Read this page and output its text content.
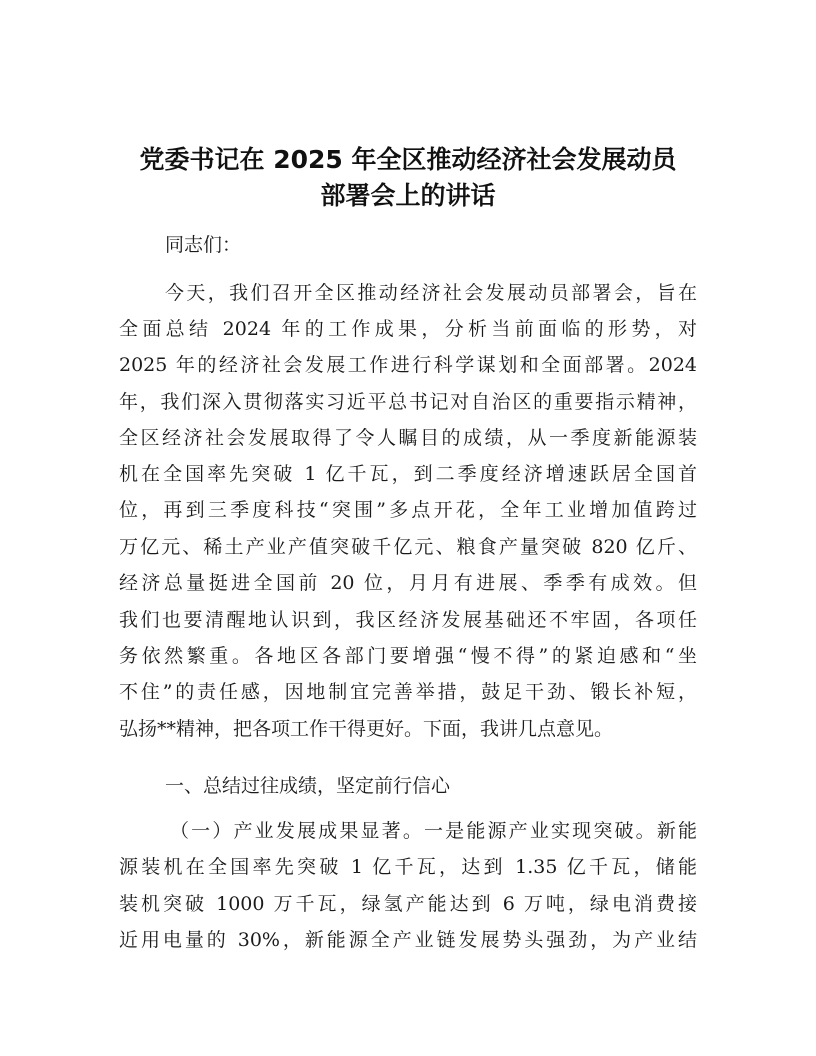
党委书记在 2025 年全区推动经济社会发展动员
部署会上的讲话

同志们：

今天，我们召开全区推动经济社会发展动员部署会，旨在

全面总结 2024 年的工作成果，分析当前面临的形势，对

2025 年的经济社会发展工作进行科学谋划和全面部署。2024

年，我们深入贯彻落实习近平总书记对自治区的重要指示精神，

全区经济社会发展取得了令人瞩目的成绩，从一季度新能源装

机在全国率先突破 1 亿千瓦，到二季度经济增速跃居全国首

位，再到三季度科技“突围”多点开花，全年工业增加值跨过

万亿元、稀土产业产值突破千亿元、粮食产量突破 820 亿斤、

经济总量挺进全国前 20 位，月月有进展、季季有成效。但

我们也要清醒地认识到，我区经济发展基础还不牢固，各项任

务依然繁重。各地区各部门要增强“慢不得”的紧迫感和“坐

不住”的责任感，因地制宜完善举措，鼓足干劲、锻长补短，

弘扬**精神，把各项工作干得更好。下面，我讲几点意见。

一、总结过往成绩，坚定前行信心

（一）产业发展成果显著。一是能源产业实现突破。新能

源装机在全国率先突破 1 亿千瓦，达到 1.35 亿千瓦，储能

装机突破 1000 万千瓦，绿氢产能达到 6 万吨，绿电消费接

近用电量的 30%，新能源全产业链发展势头强劲，为产业结
